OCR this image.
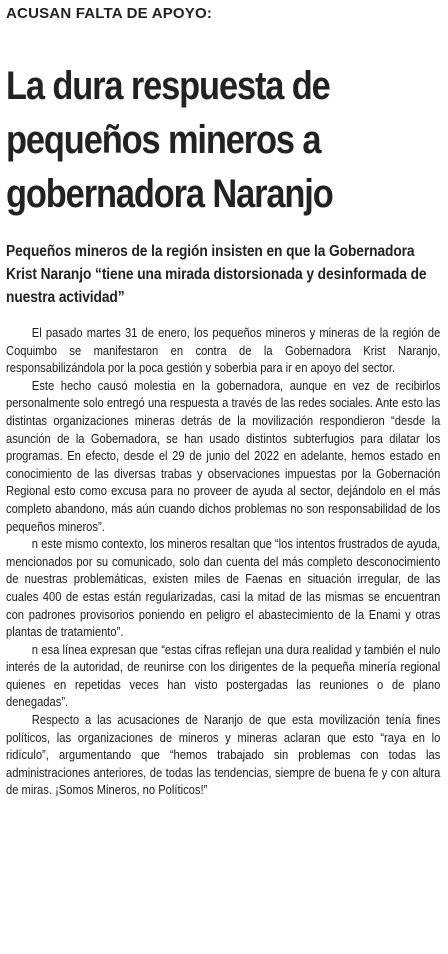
ACUSAN FALTA DE APOYO:
La dura respuesta de pequeños mineros a gobernadora Naranjo
Pequeños mineros de la región insisten en que la Gobernadora Krist Naranjo “tiene una mirada distorsionada y desinformada de nuestra actividad”

El pasado martes 31 de enero, los pequeños mineros y mineras de la región de Coquimbo se manifestaron en contra de la Gobernadora Krist Naranjo, responsabilizándola por la poca gestión y soberbia para ir en apoyo del sector.

Este hecho causó molestia en la gobernadora, aunque en vez de recibirlos personalmente solo entregó una respuesta a través de las redes sociales. Ante esto las distintas organizaciones mineras detrás de la movilización respondieron “desde la asunción de la Gobernadora, se han usado distintos subterfugios para dilatar los programas. En efecto, desde el 29 de junio del 2022 en adelante, hemos estado en conocimiento de las diversas trabas y observaciones impuestas por la Gobernación Regional esto como excusa para no proveer de ayuda al sector, dejándolo en el más completo abandono, más aún cuando dichos problemas no son responsabilidad de los pequeños mineros”.

n este mismo contexto, los mineros resaltan que “los intentos frustrados de ayuda, mencionados por su comunicado, solo dan cuenta del más completo desconocimiento de nuestras problemáticas, existen miles de Faenas en situación irregular, de las cuales 400 de estas están regularizadas, casi la mitad de las mismas se encuentran con padrones provisorios poniendo en peligro el abastecimiento de la Enami y otras plantas de tratamiento”.

n esa línea expresan que “estas cifras reflejan una dura realidad y también el nulo interés de la autoridad, de reunirse con los dirigentes de la pequeña minería regional quienes en repetidas veces han visto postergadas las reuniones o de plano denegadas”.

Respecto a las acusaciones de Naranjo de que esta movilización tenía fines políticos, las organizaciones de mineros y mineras aclaran que esto “raya en lo ridículo”, argumentando que “hemos trabajado sin problemas con todas las administraciones anteriores, de todas las tendencias, siempre de buena fe y con altura de miras. ¡Somos Mineros, no Políticos!”
